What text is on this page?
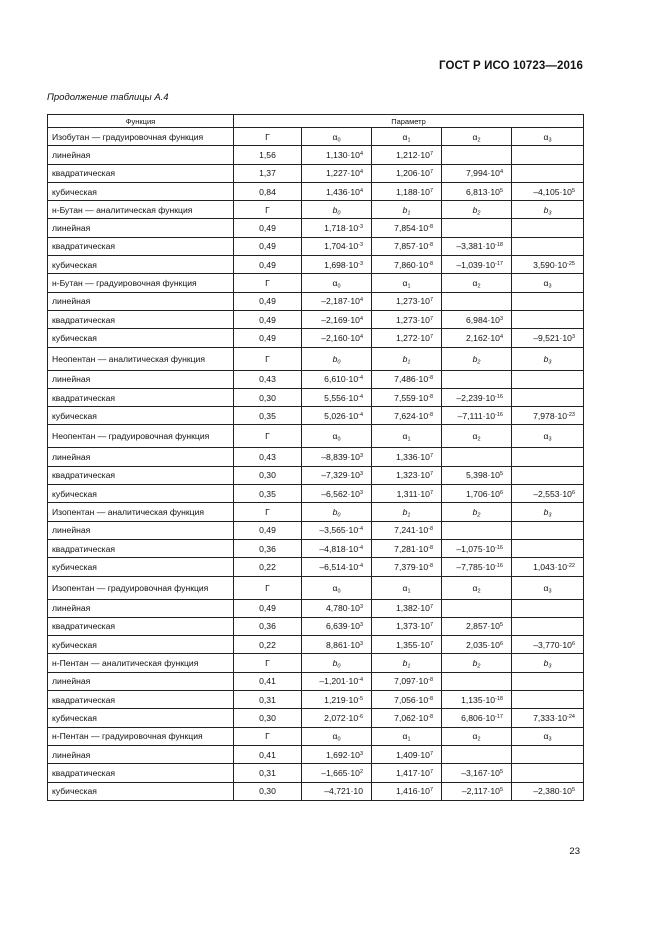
ГОСТ Р ИСО 10723—2016
Продолжение таблицы А.4
Функция	Параметр				
Изобутан — градуировочная функция	Г	$\alpha_0$	$\alpha_1$	$\alpha_2$	$\alpha_3$
линейная	1,56	$1,130\cdot 10^4$	$1,212\cdot 10^7$		
квадратическая	1,37	$1,227\cdot 10^4$	$1,206\cdot 10^7$	$7,994\cdot 10^4$	
кубическая	0,84	$1,436\cdot 10^4$	$1,188\cdot 10^7$	$6,813\cdot 10^5$	$-4,105\cdot 10^5$
н-Бутан — аналитическая функция	Г	$b_0$	$b_1$	$b_2$	$b_3$
линейная	0,49	$1,718\cdot 10^{-3}$	$7,854\cdot 10^{-8}$		
квадратическая	0,49	$1,704\cdot 10^{-3}$	$7,857\cdot 10^{-8}$	$-3,381\cdot 10^{-18}$	
кубическая	0,49	$1,698\cdot 10^{-3}$	$7,860\cdot 10^{-8}$	$-1,039\cdot 10^{-17}$	$3,590\cdot 10^{-25}$
н-Бутан — градуировочная функция	Г	$\alpha_0$	$\alpha_1$	$\alpha_2$	$\alpha_3$
линейная	0,49	$-2,187\cdot 10^4$	$1,273\cdot 10^7$		
квадратическая	0,49	$-2,169\cdot 10^4$	$1,273\cdot 10^7$	$6,984\cdot 10^3$	
кубическая	0,49	$-2,160\cdot 10^4$	$1,272\cdot 10^7$	$2,162\cdot 10^4$	$-9,521\cdot 10^3$
Неопентан — аналитическая функция	Г	$b_0$	$b_1$	$b_2$	$b_3$
линейная	0,43	$6,610\cdot 10^{-4}$	$7,486\cdot 10^{-8}$		
квадратическая	0,30	$5,556\cdot 10^{-4}$	$7,559\cdot 10^{-8}$	$-2,239\cdot 10^{-16}$	
кубическая	0,35	$5,026\cdot 10^{-4}$	$7,624\cdot 10^{-8}$	$-7,111\cdot 10^{-16}$	$7,978\cdot 10^{-23}$
Неопентан — градуировочная функция	Г	$\alpha_0$	$\alpha_1$	$\alpha_2$	$\alpha_3$
линейная	0,43	$-8,839\cdot 10^3$	$1,336\cdot 10^7$		
квадратическая	0,30	$-7,329\cdot 10^3$	$1,323\cdot 10^7$	$5,398\cdot 10^5$	
кубическая	0,35	$-6,562\cdot 10^3$	$1,311\cdot 10^7$	$1,706\cdot 10^6$	$-2,553\cdot 10^6$
Изопентан — аналитическая функция	Г	$b_0$	$b_1$	$b_2$	$b_3$
линейная	0,49	$-3,565\cdot 10^{-4}$	$7,241\cdot 10^{-8}$		
квадратическая	0,36	$-4,818\cdot 10^{-4}$	$7,281\cdot 10^{-8}$	$-1,075\cdot 10^{-16}$	
кубическая	0,22	$-6,514\cdot 10^{-4}$	$7,379\cdot 10^{-8}$	$-7,785\cdot 10^{-16}$	$1,043\cdot 10^{-22}$
Изопентан — градуировочная функция	Г	$\alpha_0$	$\alpha_1$	$\alpha_2$	$\alpha_3$
линейная	0,49	$4,780\cdot 10^3$	$1,382\cdot 10^7$		
квадратическая	0,36	$6,639\cdot 10^3$	$1,373\cdot 10^7$	$2,857\cdot 10^5$	
кубическая	0,22	$8,861\cdot 10^3$	$1,355\cdot 10^7$	$2,035\cdot 10^6$	$-3,770\cdot 10^6$
н-Пентан — аналитическая функция	Г	$b_0$	$b_1$	$b_2$	$b_3$
линейная	0,41	$-1,201\cdot 10^{-4}$	$7,097\cdot 10^{-8}$		
квадратическая	0,31	$1,219\cdot 10^{-5}$	$7,056\cdot 10^{-8}$	$1,135\cdot 10^{-18}$	
кубическая	0,30	$2,072\cdot 10^{-6}$	$7,062\cdot 10^{-8}$	$6,806\cdot 10^{-17}$	$7,333\cdot 10^{-24}$
н-Пентан — градуировочная функция	Г	$\alpha_0$	$\alpha_1$	$\alpha_2$	$\alpha_3$
линейная	0,41	$1,692\cdot 10^3$	$1,409\cdot 10^7$		
квадратическая	0,31	$-1,665\cdot 10^2$	$1,417\cdot 10^7$	$-3,167\cdot 10^5$	
кубическая	0,30	–4,721·10	$1,416\cdot 10^7$	$-2,117\cdot 10^5$	$-2,380\cdot 10^5$
23
